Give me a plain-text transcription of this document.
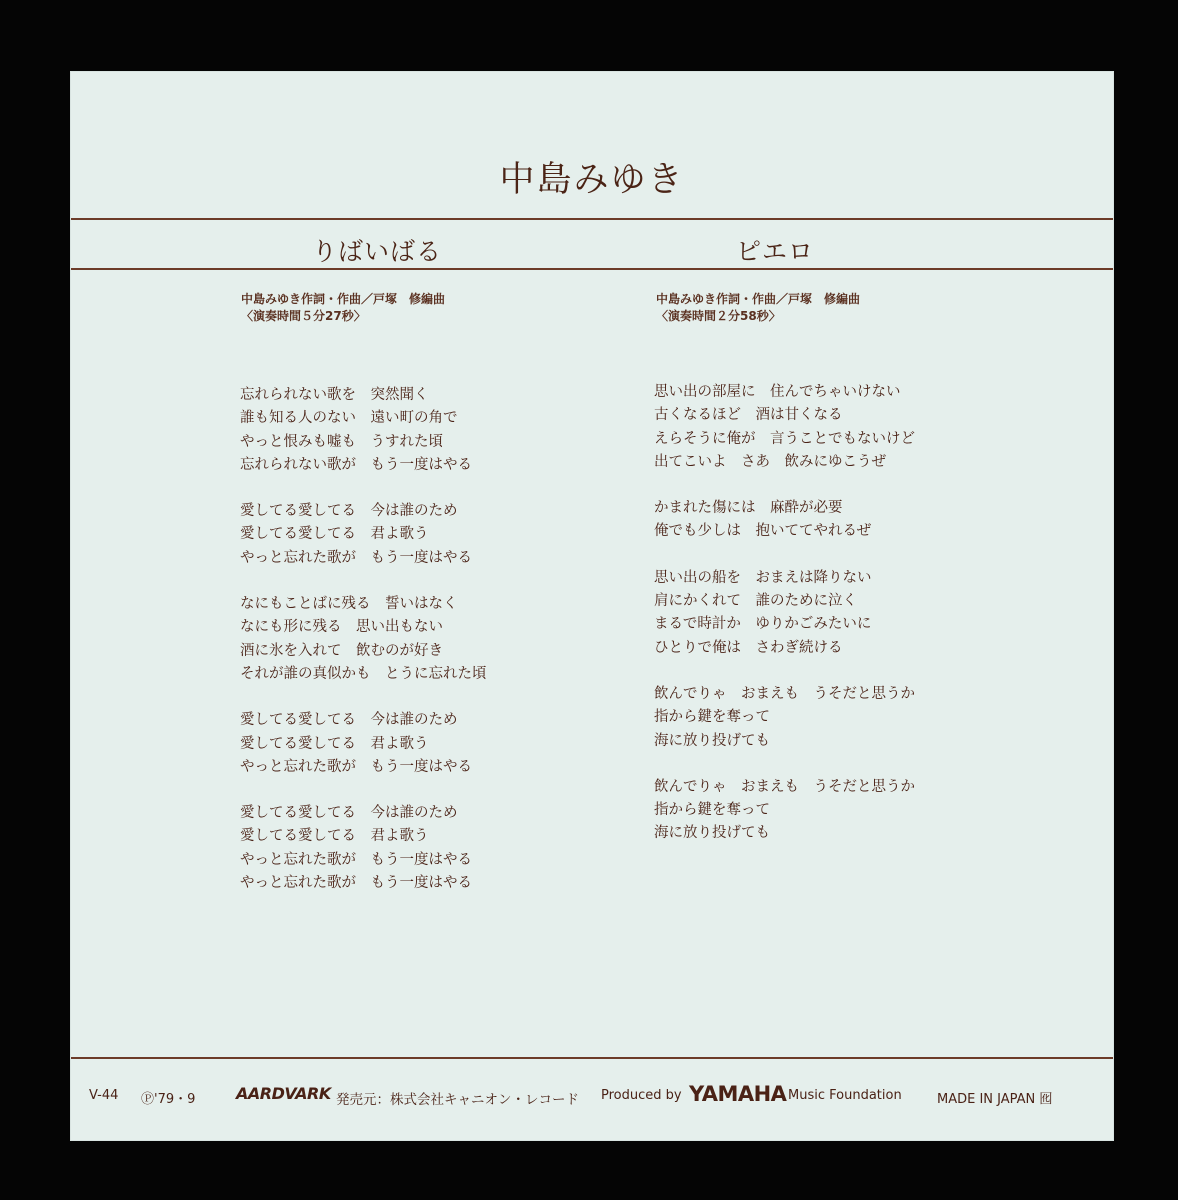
中島みゆき
りばいばる	ピエロ
中島みゆき作詞・作曲／戸塚　修編曲
〈演奏時間５分27秒〉
中島みゆき作詞・作曲／戸塚　修編曲
〈演奏時間２分58秒〉
忘れられない歌を　突然聞く
誰も知る人のない　遠い町の角で
やっと恨みも嘘も　うすれた頃
忘れられない歌が　もう一度はやる
愛してる愛してる　今は誰のため
愛してる愛してる　君よ歌う
やっと忘れた歌が　もう一度はやる
なにもことばに残る　誓いはなく
なにも形に残る　思い出もない
酒に氷を入れて　飲むのが好き
それが誰の真似かも　とうに忘れた頃
愛してる愛してる　今は誰のため
愛してる愛してる　君よ歌う
やっと忘れた歌が　もう一度はやる
愛してる愛してる　今は誰のため
愛してる愛してる　君よ歌う
やっと忘れた歌が　もう一度はやる
やっと忘れた歌が　もう一度はやる
思い出の部屋に　住んでちゃいけない
古くなるほど　酒は甘くなる
えらそうに俺が　言うことでもないけど
出てこいよ　さあ　飲みにゆこうぜ
かまれた傷には　麻酔が必要
俺でも少しは　抱いててやれるぜ
思い出の船を　おまえは降りない
肩にかくれて　誰のために泣く
まるで時計か　ゆりかごみたいに
ひとりで俺は　さわぎ続ける
飲んでりゃ　おまえも　うそだと思うか
指から鍵を奪って
海に放り投げても
飲んでりゃ　おまえも　うそだと思うか
指から鍵を奪って
海に放り投げても
V-44 Ⓟ'79・9	AARDVARK 発売元：株式会社キャニオン・レコード Produced by YAMAHA Music Foundation	MADE IN JAPAN 囮
